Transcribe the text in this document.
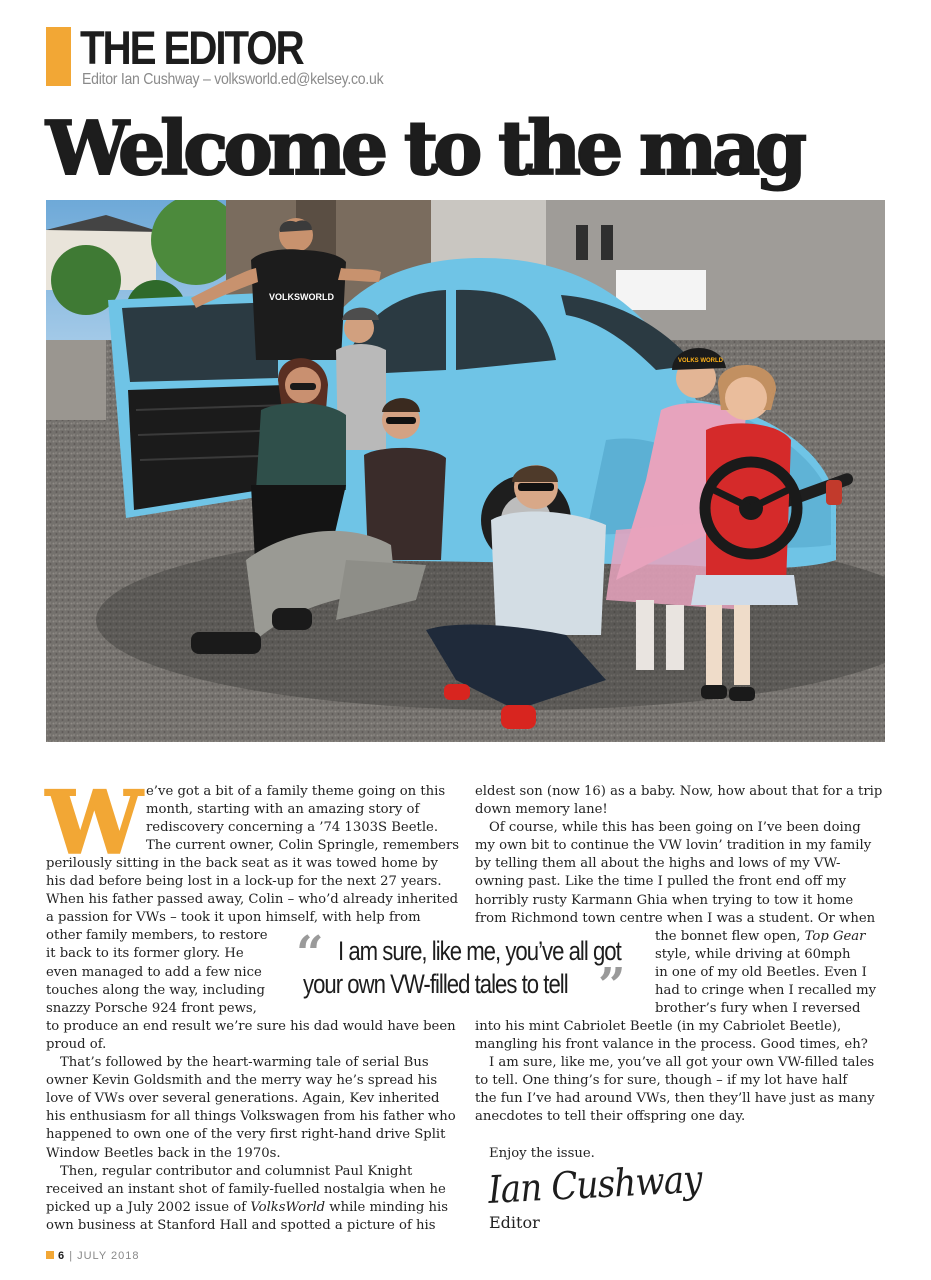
THE EDITOR
Editor Ian Cushway – volksworld.ed@kelsey.co.uk
Welcome to the mag
VOLKSWORLD
VOLKS WORLD
W e’ve got a bit of a family theme going on this

month, starting with an amazing story of

rediscovery concerning a ’74 1303S Beetle.

The current owner, Colin Springle, remembers

perilously sitting in the back seat as it was towed home by

his dad before being lost in a lock-up for the next 27 years.

When his father passed away, Colin – who’d already inherited

a passion for VWs – took it upon himself, with help from

other family members, to restore

it back to its former glory. He

even managed to add a few nice

touches along the way, including

snazzy Porsche 924 front pews,

to produce an end result we’re sure his dad would have been

proud of.

That’s followed by the heart-warming tale of serial Bus

owner Kevin Goldsmith and the merry way he’s spread his

love of VWs over several generations. Again, Kev inherited

his enthusiasm for all things Volkswagen from his father who

happened to own one of the very first right-hand drive Split

Window Beetles back in the 1970s.

Then, regular contributor and columnist Paul Knight

received an instant shot of family-fuelled nostalgia when he

picked up a July 2002 issue of VolksWorld while minding his

own business at Stanford Hall and spotted a picture of his

eldest son (now 16) as a baby. Now, how about that for a trip

down memory lane!

Of course, while this has been going on I’ve been doing

my own bit to continue the VW lovin’ tradition in my family

by telling them all about the highs and lows of my VW-

owning past. Like the time I pulled the front end off my

horribly rusty Karmann Ghia when trying to tow it home

from Richmond town centre when I was a student. Or when

the bonnet flew open, Top Gear

style, while driving at 60mph

in one of my old Beetles. Even I

had to cringe when I recalled my

brother’s fury when I reversed

into his mint Cabriolet Beetle (in my Cabriolet Beetle),

mangling his front valance in the process. Good times, eh?

I am sure, like me, you’ve all got your own VW-filled tales

to tell. One thing’s for sure, though – if my lot have half

the fun I’ve had around VWs, then they’ll have just as many

anecdotes to tell their offspring one day.

Enjoy the issue.
Ian Cushway
Editor
“
”
I am sure, like me, you’ve all got
your own VW-filled tales to tell
6 | JULY 2018
